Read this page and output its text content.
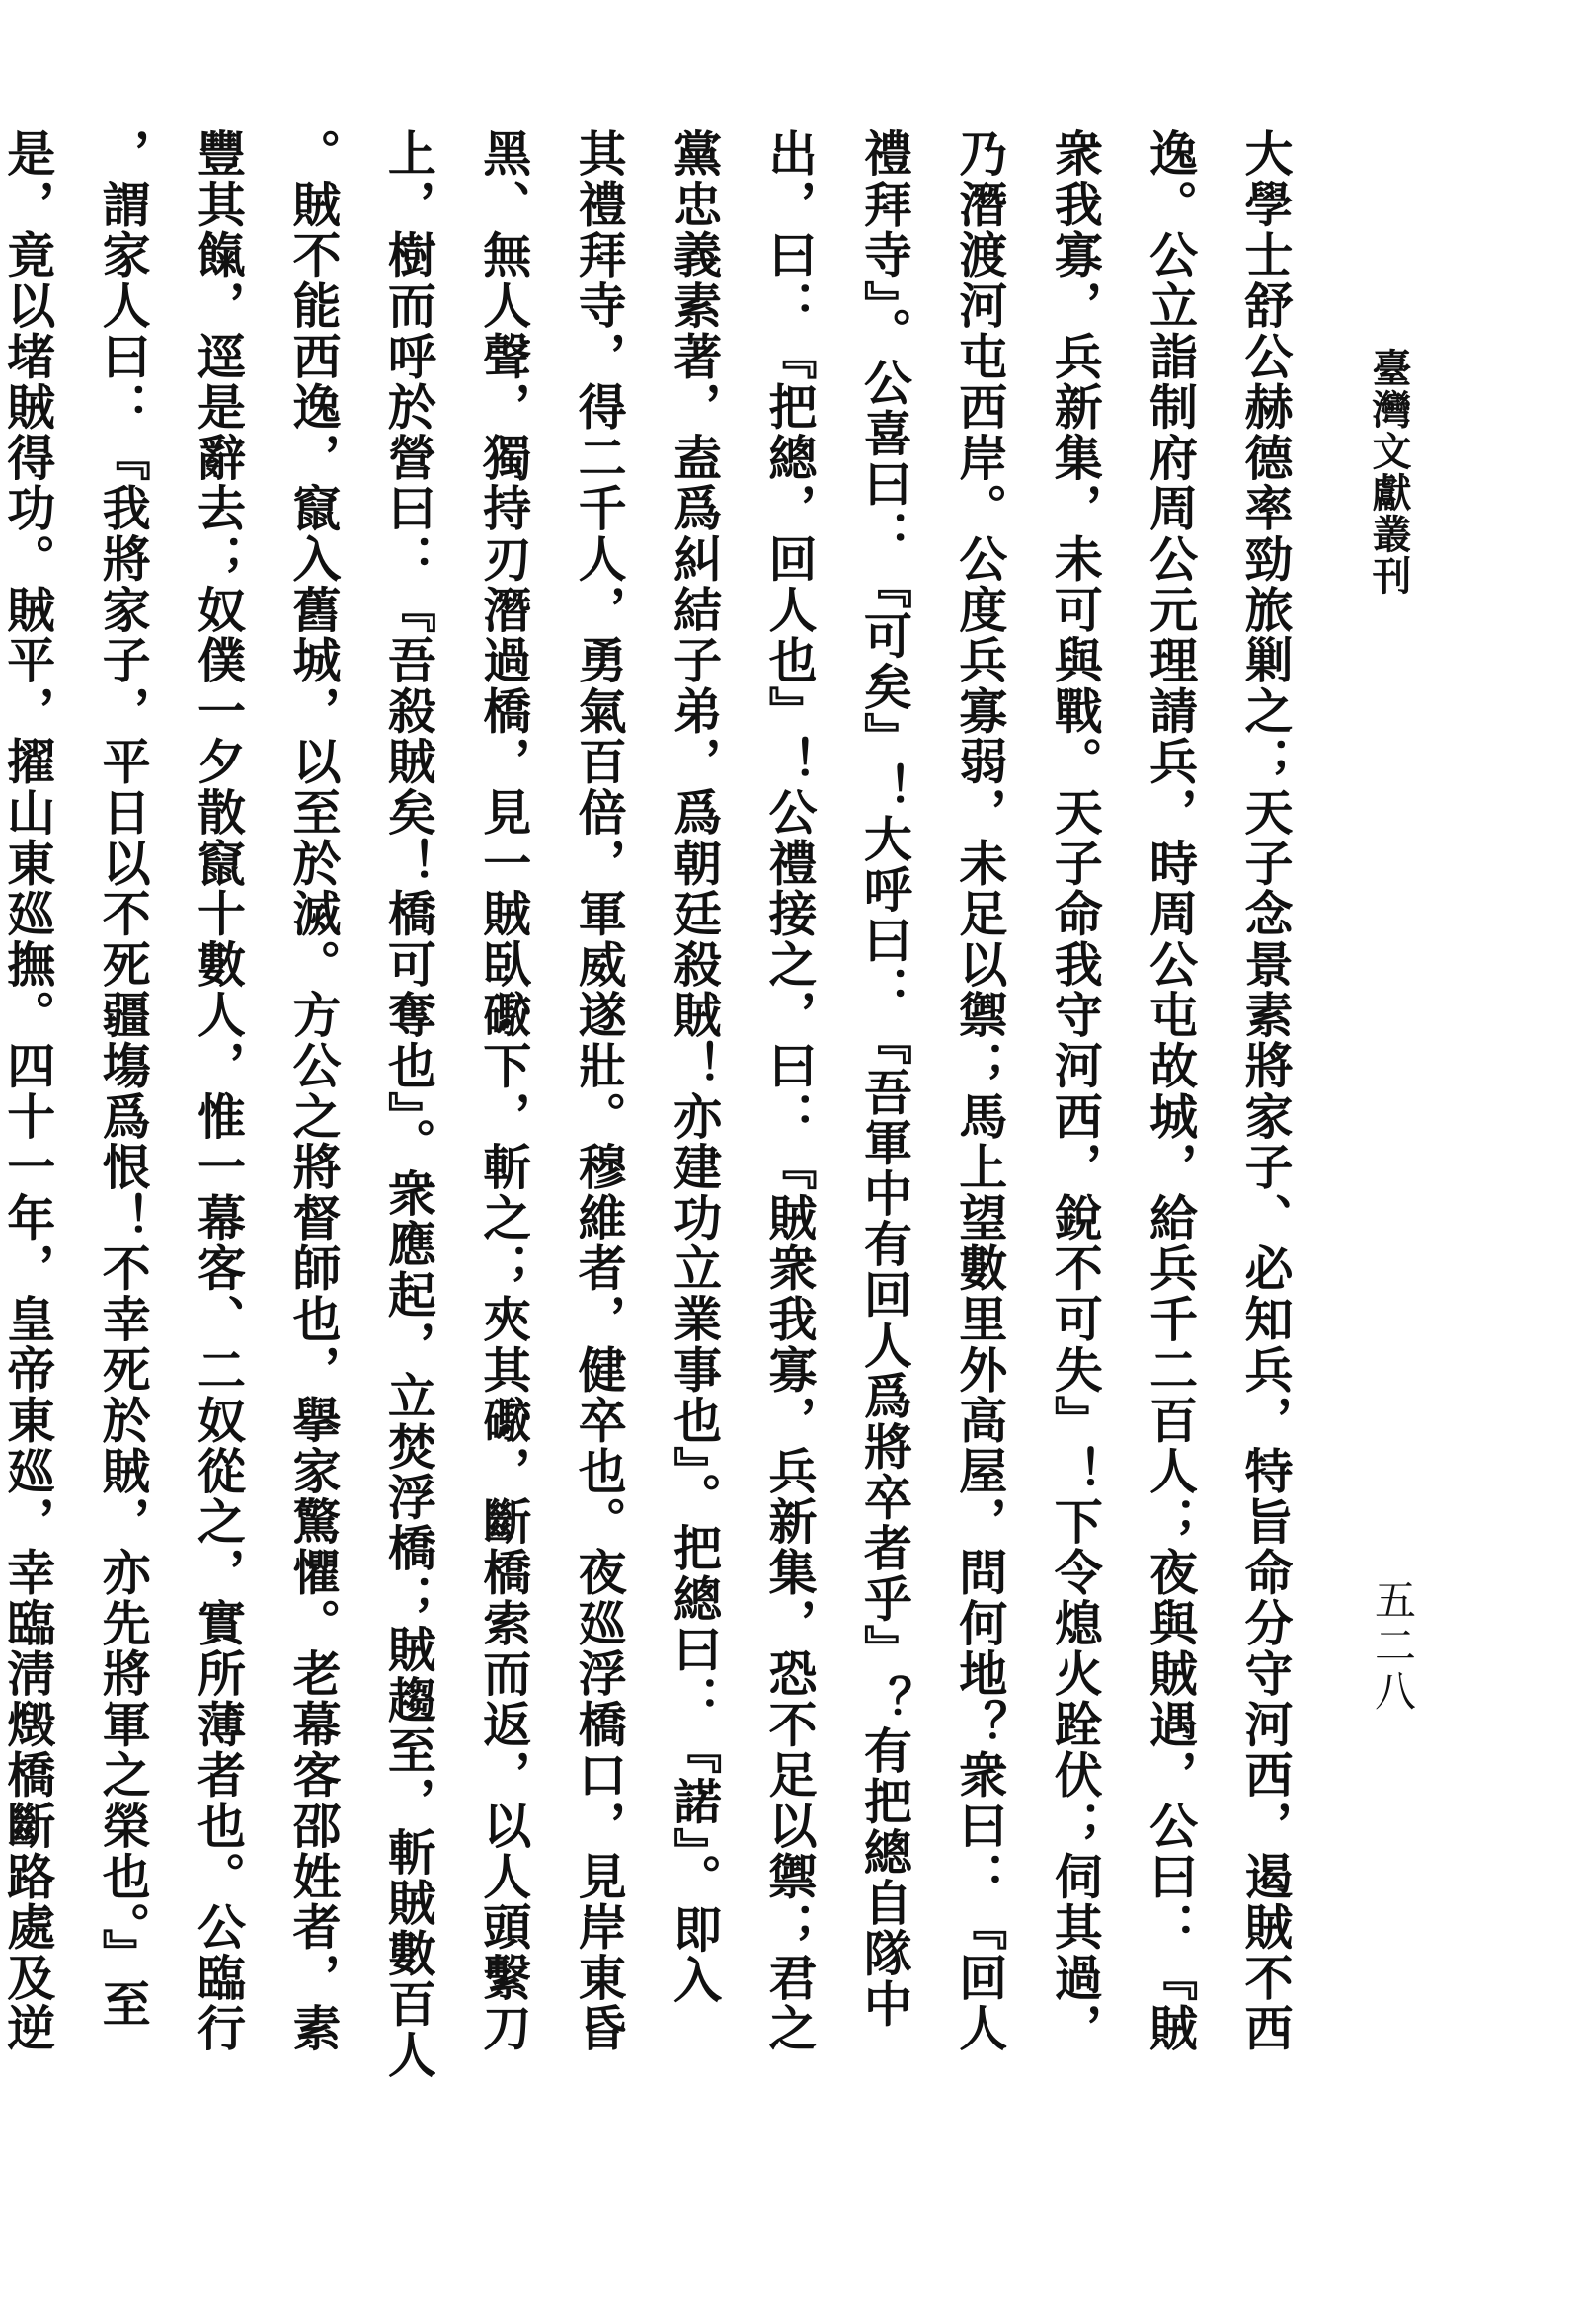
臺灣文獻叢刊
五二八
大學士舒公赫德率勁旅剿之；天子念景素將家子、必知兵，特旨命分守河西，遏賊不西
逸。公立詣制府周公元理請兵，時周公屯故城，給兵千二百人；夜與賊遇，公曰：『賊
衆我寡，兵新集，未可與戰。天子命我守河西，銳不可失』！下令熄火跧伏；伺其過，
乃潛渡河屯西岸。公度兵寡弱，未足以禦；馬上望數里外高屋，問何地？衆曰：『回人
禮拜寺』。公喜曰：『可矣』！大呼曰：『吾軍中有回人爲將卒者乎』？有把總自隊中
出，曰：『把總，回人也』！公禮接之，曰：『賊衆我寡，兵新集，恐不足以禦；君之
黨忠義素著，盍爲糾結子弟，爲朝廷殺賊！亦建功立業事也』。把總曰：『諾』。即入
其禮拜寺，得二千人，勇氣百倍，軍威遂壯。穆維者，健卒也。夜廵浮橋口，見岸東昏
黑、無人聲，獨持刃潛過橋，見一賊臥礮下，斬之；夾其礮，斷橋索而返，以人頭繫刀
上，樹而呼於營曰：『吾殺賊矣！橋可奪也』。衆應起，立焚浮橋；賊趨至，斬賊數百人
。賊不能西逸，竄入舊城，以至於滅。方公之將督師也，擧家驚懼。老幕客邵姓者，素
豐其餼，逕是辭去；奴僕一夕散竄十數人，惟一幕客、二奴從之，實所薄者也。公臨行
，謂家人曰：『我將家子，平日以不死疆塲爲恨！不幸死於賊，亦先將軍之榮也。』至
是，竟以堵賊得功。賊平，擢山東廵撫。四十一年，皇帝東廵，幸臨淸燬橋斷路處及逆
